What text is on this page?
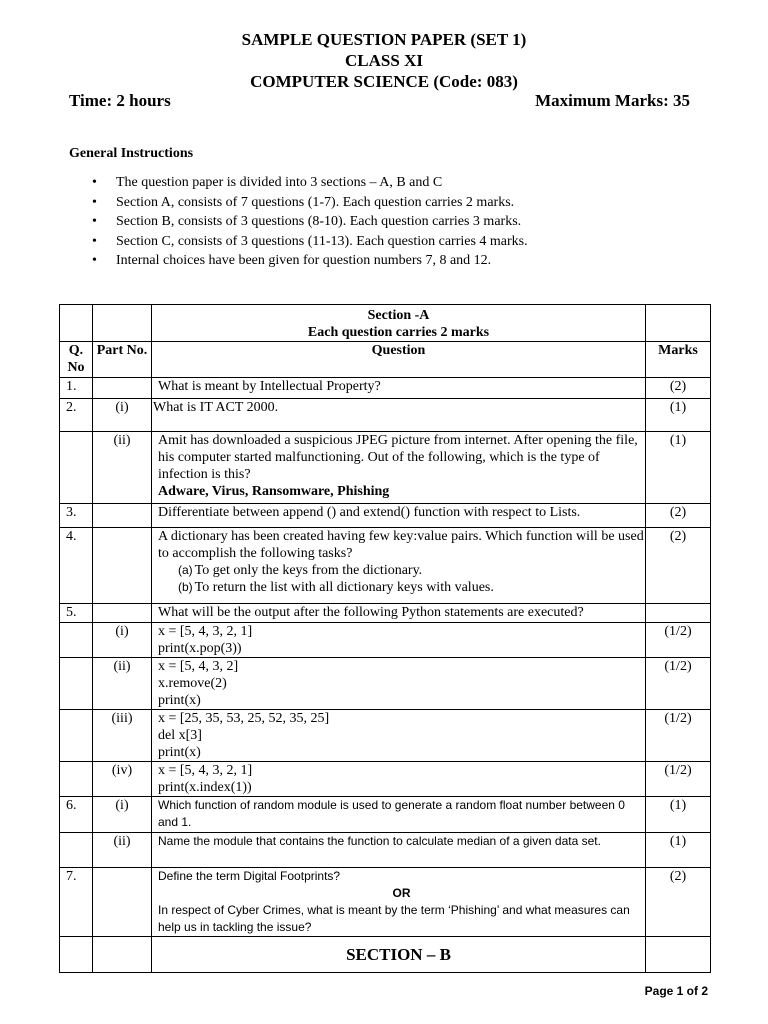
SAMPLE QUESTION PAPER (SET 1)
CLASS XI
COMPUTER SCIENCE (Code: 083)
Time: 2 hours	Maximum Marks: 35
General Instructions
• The question paper is divided into 3 sections – A, B and C
• Section A, consists of 7 questions (1-7). Each question carries 2 marks.
• Section B, consists of 3 questions (8-10). Each question carries 3 marks.
• Section C, consists of 3 questions (11-13). Each question carries 4 marks.
• Internal choices have been given for question numbers 7, 8 and 12.

		Section -A
Each question carries 2 marks	

Q. No	Part No.	Question	Marks
1.		What is meant by Intellectual Property?	(2)
2.	(i)	What is IT ACT 2000.	(1)
	(ii)	Amit has downloaded a suspicious JPEG picture from internet. After opening the file, his computer started malfunctioning. Out of the following, which is the type of infection is this?
Adware, Virus, Ransomware, Phishing	(1)
3.		Differentiate between append () and extend() function with respect to Lists.	(2)
4.		A dictionary has been created having few key:value pairs. Which function will be used to accomplish the following tasks?
(a) To get only the keys from the dictionary.
(b) To return the list with all dictionary keys with values.	(2)
5.		What will be the output after the following Python statements are executed?	
	(i)	x = [5, 4, 3, 2, 1]
print(x.pop(3))	(1/2)
	(ii)	x = [5, 4, 3, 2]
x.remove(2)
print(x)	(1/2)
	(iii)	x = [25, 35, 53, 25, 52, 35, 25]
del x[3]
print(x)	(1/2)
	(iv)	x = [5, 4, 3, 2, 1]
print(x.index(1))	(1/2)
6.	(i)	Which function of random module is used to generate a random float number between 0 and 1.	(1)
	(ii)	Name the module that contains the function to calculate median of a given data set.	(1)
7.		Define the term Digital Footprints?
OR
In respect of Cyber Crimes, what is meant by the term ‘Phishing’ and what measures can help us in tackling the issue?	(2)
		SECTION – B	
Page 1 of 2
